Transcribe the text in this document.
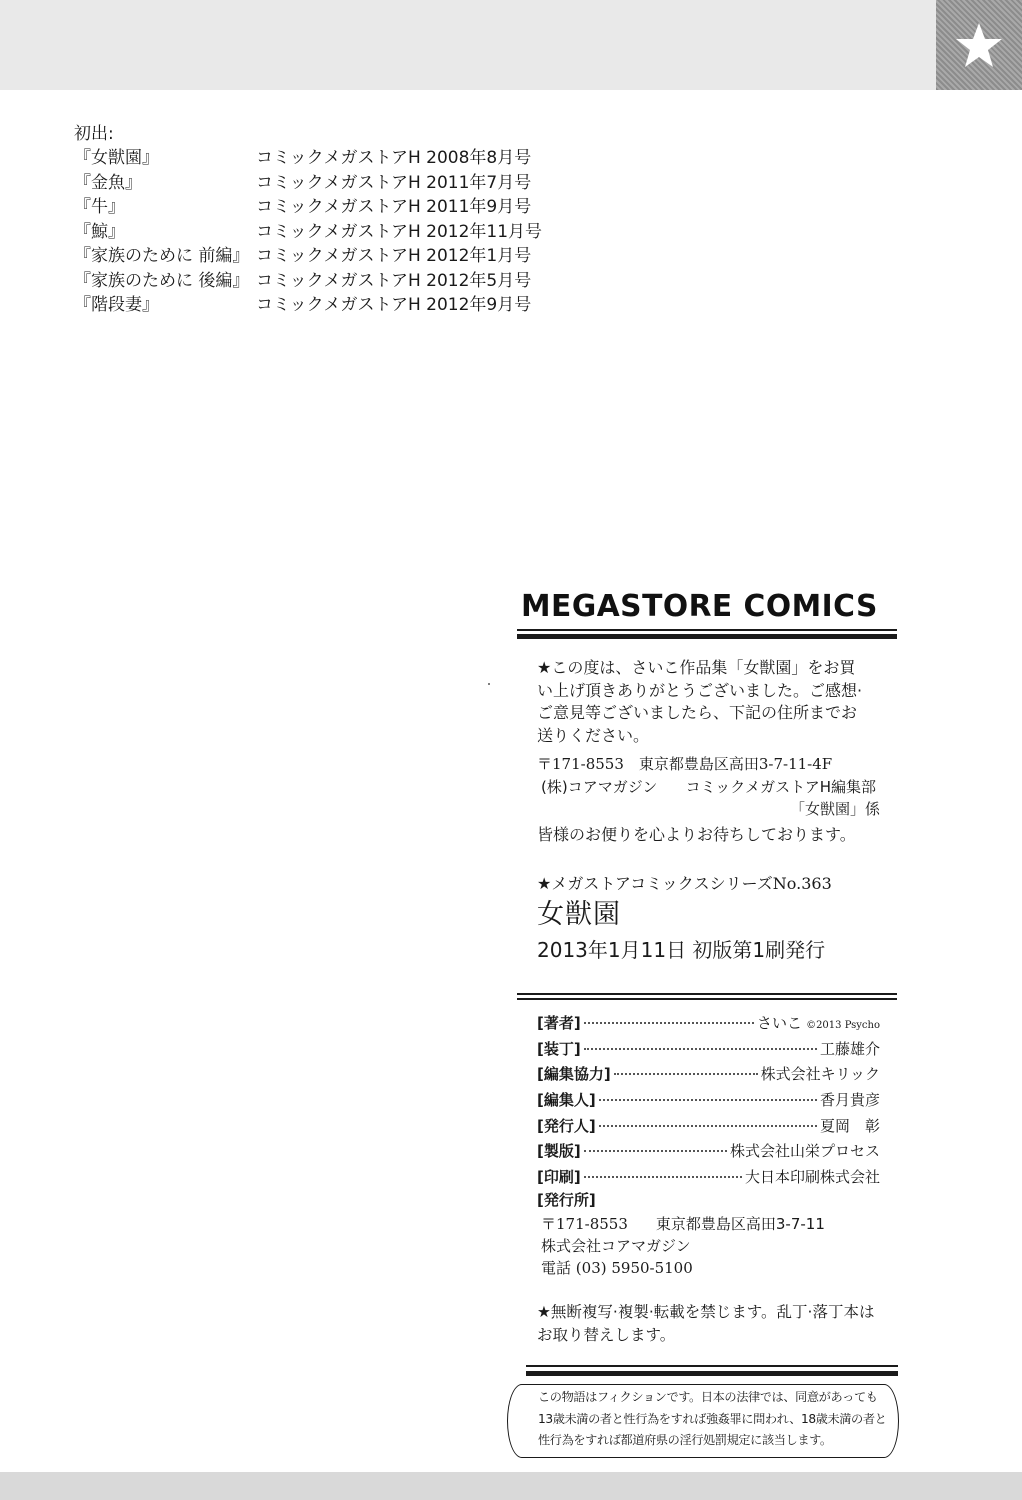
初出:
『女獣園』	コミックメガストアH 2008年8月号
『金魚』	コミックメガストアH 2011年7月号
『牛』	コミックメガストアH 2011年9月号
『鯨』	コミックメガストアH 2012年11月号
『家族のために 前編』 コミックメガストアH 2012年1月号
『家族のために 後編』 コミックメガストアH 2012年5月号
『階段妻』	コミックメガストアH 2012年9月号
MEGASTORE COMICS
★この度は、さいこ作品集「女獣園」をお買い上げ頂きありがとうございました。ご感想·ご意見等ございましたら、下記の住所までお送りください。
〒171-8553　東京都豊島区高田3-7-11-4F
(株)コアマガジン コミックメガストアH編集部
「女獣園」係
皆様のお便りを心よりお待ちしております。
★メガストアコミックスシリーズNo.363
女獣園
2013年1月11日 初版第1刷発行
[著者]	さいこ ©2013 Psycho
[装丁]	工藤雄介
[編集協力]	株式会社キリック
[編集人]	香月貴彦
[発行人]	夏岡　彰
[製版]	株式会社山栄プロセス
[印刷]	大日本印刷株式会社
[発行所]
〒171-8553 東京都豊島区高田3-7-11
株式会社コアマガジン
電話 (03) 5950-5100
★無断複写·複製·転載を禁じます。乱丁·落丁本はお取り替えします。
この物語はフィクションです。日本の法律では、同意があっても13歳未満の者と性行為をすれば強姦罪に問われ、18歳未満の者と性行為をすれば都道府県の淫行処罰規定に該当します。
